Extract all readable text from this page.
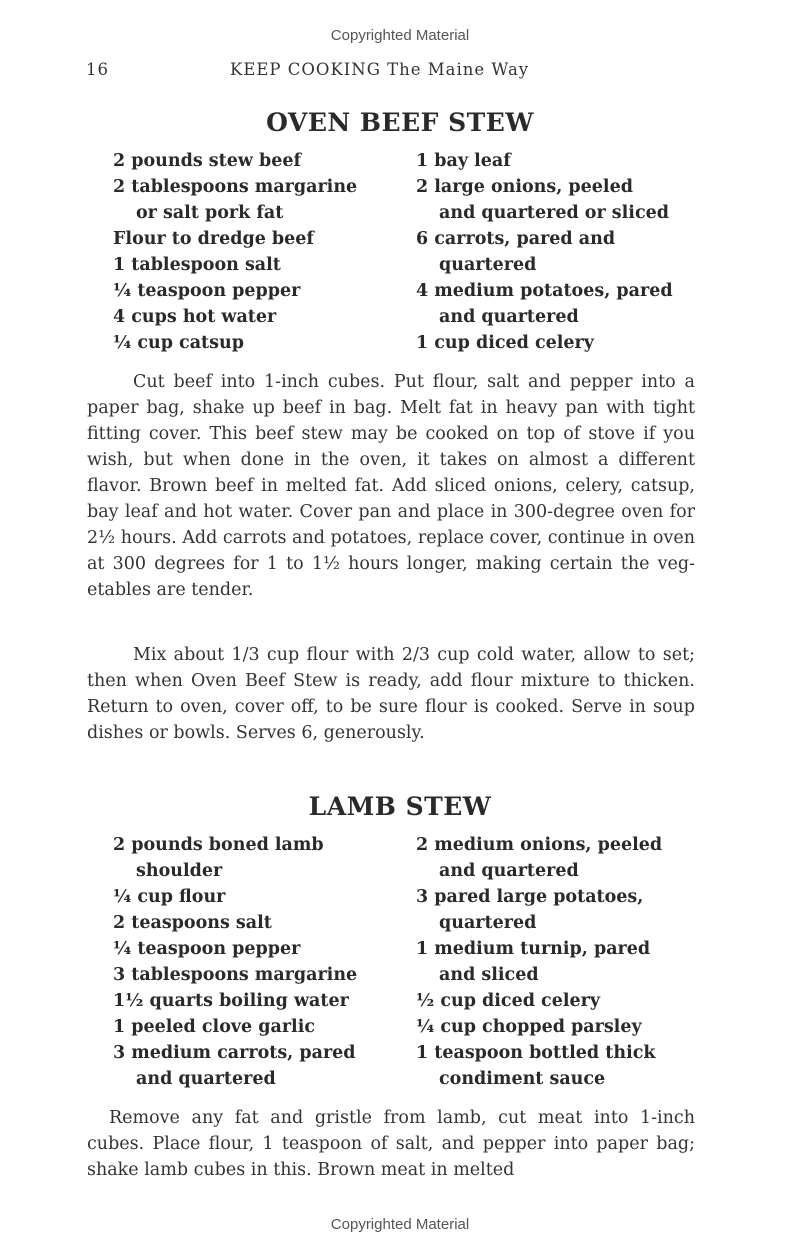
Copyrighted Material
16	KEEP COOKING The Maine Way
OVEN BEEF STEW
2 pounds stew beef
2 tablespoons margarine
or salt pork fat
Flour to dredge beef
1 tablespoon salt
¼ teaspoon pepper
4 cups hot water
¼ cup catsup
1 bay leaf
2 large onions, peeled
and quartered or sliced
6 carrots, pared and
quartered
4 medium potatoes, pared
and quartered
1 cup diced celery

Cut beef into 1-inch cubes. Put flour, salt and pepper into a paper bag, shake up beef in bag. Melt fat in heavy pan with tight fitting cover. This beef stew may be cooked on top of stove if you wish, but when done in the oven, it takes on almost a different flavor. Brown beef in melted fat. Add sliced onions, celery, catsup, bay leaf and hot water. Cover pan and place in 300-degree oven for 2½ hours. Add carrots and potatoes, replace cover, continue in oven at 300 degrees for 1 to 1½ hours longer, making certain the veg-etables are tender.

Mix about 1/3 cup flour with 2/3 cup cold water, allow to set; then when Oven Beef Stew is ready, add flour mixture to thicken. Return to oven, cover off, to be sure flour is cooked. Serve in soup dishes or bowls. Serves 6, generously.

LAMB STEW
2 pounds boned lamb
shoulder
¼ cup flour
2 teaspoons salt
¼ teaspoon pepper
3 tablespoons margarine
1½ quarts boiling water
1 peeled clove garlic
3 medium carrots, pared
and quartered
2 medium onions, peeled
and quartered
3 pared large potatoes,
quartered
1 medium turnip, pared
and sliced
½ cup diced celery
¼ cup chopped parsley
1 teaspoon bottled thick
condiment sauce

Remove any fat and gristle from lamb, cut meat into 1-inch cubes. Place flour, 1 teaspoon of salt, and pepper into paper bag; shake lamb cubes in this. Brown meat in melted

Copyrighted Material
